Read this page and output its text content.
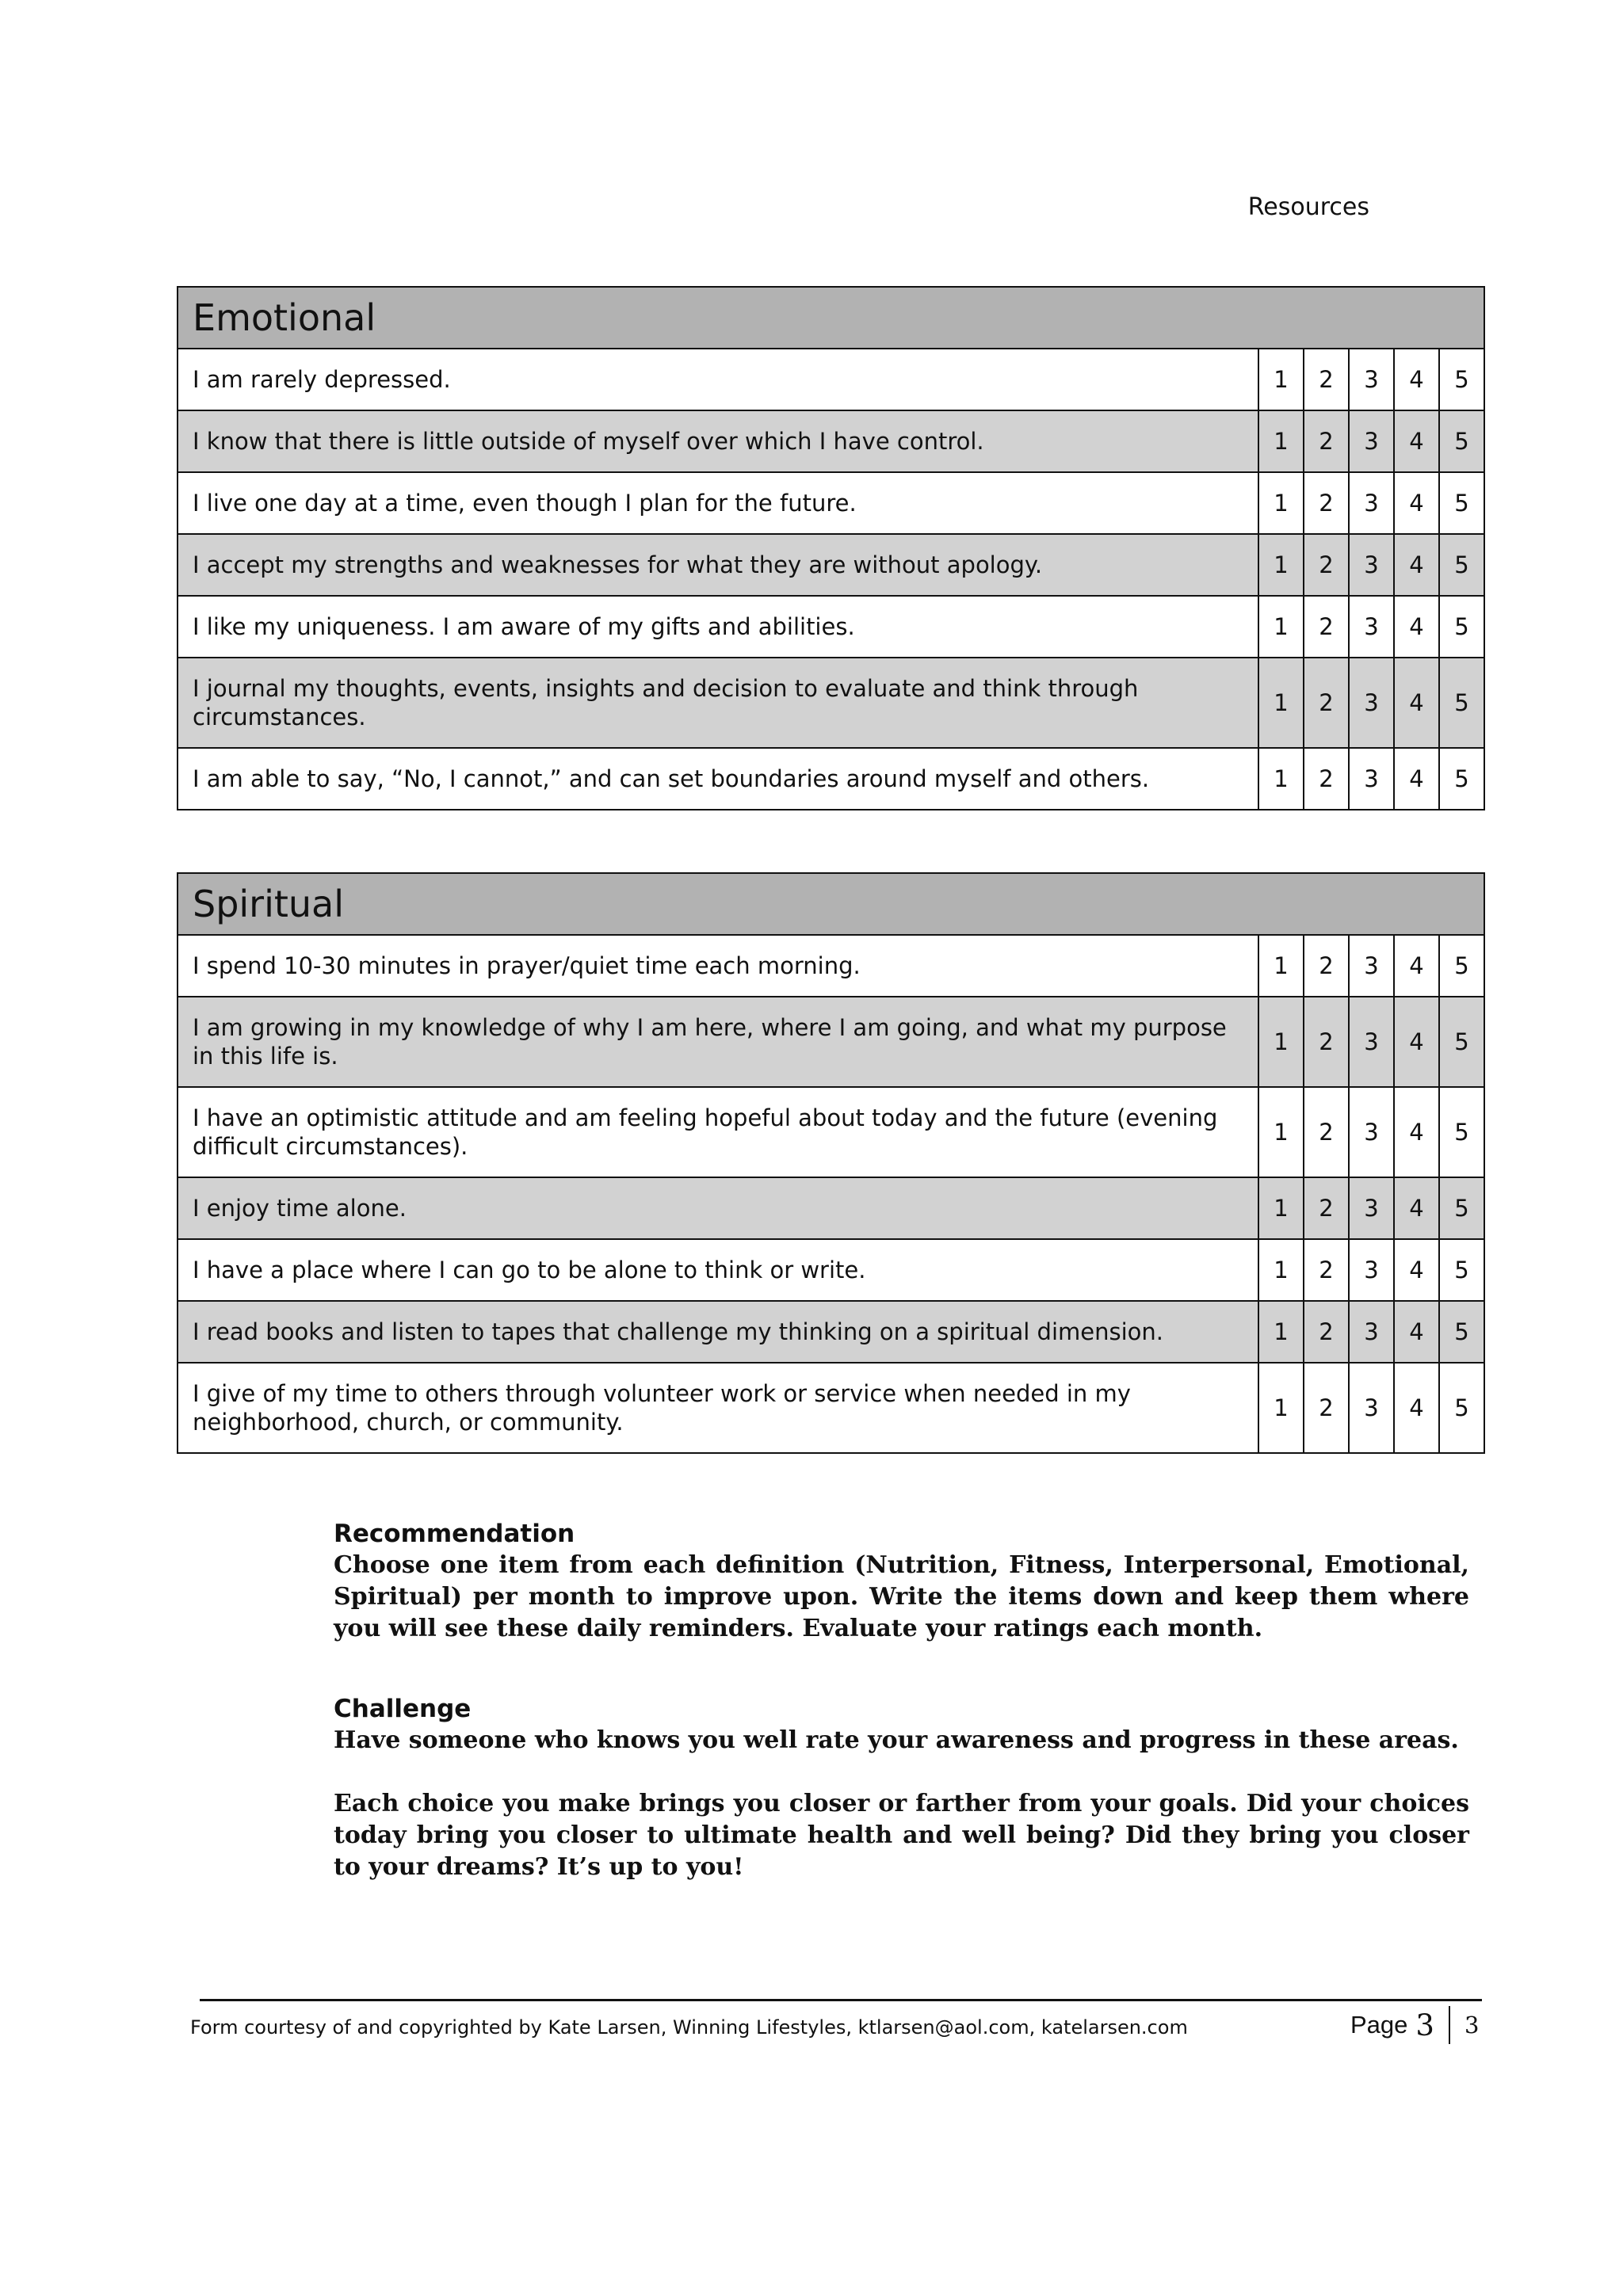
Resources
Emotional					
I am rarely depressed.	1	2	3	4	5
I know that there is little outside of myself over which I have control.	1	2	3	4	5
I live one day at a time, even though I plan for the future.	1	2	3	4	5
I accept my strengths and weaknesses for what they are without apology.	1	2	3	4	5
I like my uniqueness. I am aware of my gifts and abilities.	1	2	3	4	5
I journal my thoughts, events, insights and decision to evaluate and think through circumstances.	1	2	3	4	5
I am able to say, “No, I cannot,” and can set boundaries around myself and others.	1	2	3	4	5
Spiritual					
I spend 10-30 minutes in prayer/quiet time each morning.	1	2	3	4	5
I am growing in my knowledge of why I am here, where I am going, and what my purpose in this life is.	1	2	3	4	5
I have an optimistic attitude and am feeling hopeful about today and the future (evening difficult circumstances).	1	2	3	4	5
I enjoy time alone.	1	2	3	4	5
I have a place where I can go to be alone to think or write.	1	2	3	4	5
I read books and listen to tapes that challenge my thinking on a spiritual dimension.	1	2	3	4	5
I give of my time to others through volunteer work or service when needed in my neighborhood, church, or community.	1	2	3	4	5
Recommendation
Choose one item from each definition (Nutrition, Fitness, Interpersonal, Emotional, Spiritual) per month to improve upon. Write the items down and keep them where you will see these daily reminders. Evaluate your ratings each month.
Challenge
Have someone who knows you well rate your awareness and progress in these areas.
Each choice you make brings you closer or farther from your goals. Did your choices today bring you closer to ultimate health and well being? Did they bring you closer to your dreams? It’s up to you!
Form courtesy of and copyrighted by Kate Larsen, Winning Lifestyles, ktlarsen@aol.com, katelarsen.com	Page 3 3
